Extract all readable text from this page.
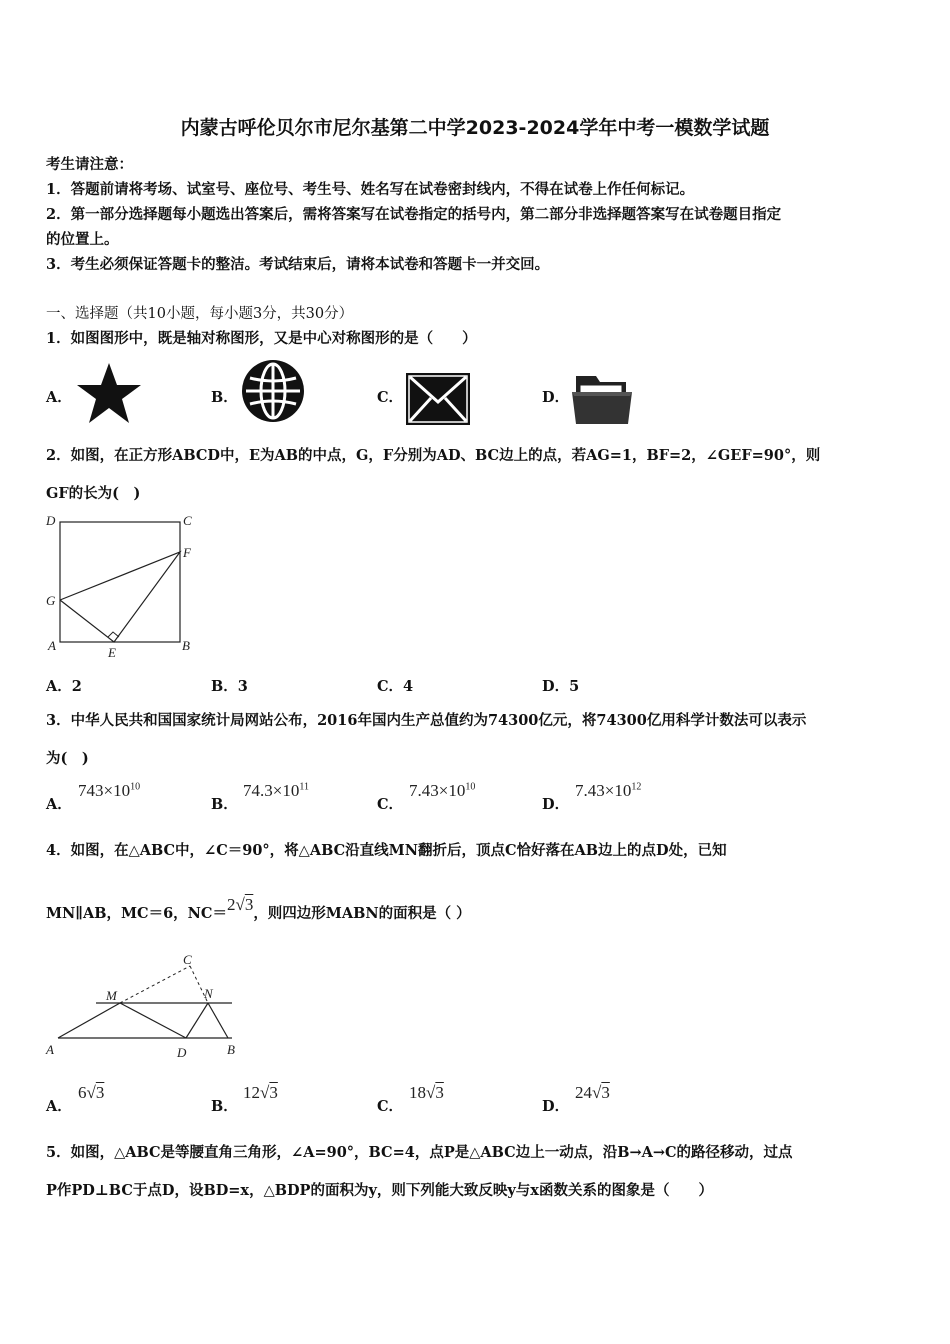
内蒙古呼伦贝尔市尼尔基第二中学2023-2024学年中考一模数学试题
考生请注意：
1．答题前请将考场、试室号、座位号、考生号、姓名写在试卷密封线内，不得在试卷上作任何标记。
2．第一部分选择题每小题选出答案后，需将答案写在试卷指定的括号内，第二部分非选择题答案写在试卷题目指定
的位置上。
3．考生必须保证答题卡的整洁。考试结束后，请将本试卷和答题卡一并交回。
一、选择题（共10小题，每小题3分，共30分）
1．如图图形中，既是轴对称图形，又是中心对称图形的是（　　）
A．	B．	C．	D．
2．如图，在正方形ABCD中，E为AB的中点，G，F分别为AD、BC边上的点，若AG=1，BF=2，∠GEF=90°，则
GF的长为(　)
D	C
F
G
A	E	B
A．2	B．3	C．4	D．5
3．中华人民共和国国家统计局网站公布，2016年国内生产总值约为74300亿元，将74300亿用科学计数法可以表示
为(　)
A．
$743\times 10^{10}$
B．
$74.3\times 10^{11}$
C．
$7.43\times 10^{10}$
D．
$7.43\times 10^{12}$
4．如图，在△ABC中，∠C＝90°，将△ABC沿直线MN翻折后，顶点C恰好落在AB边上的点D处，已知
MN∥AB，MC＝6，NC＝2√3，则四边形MABN的面积是（ ）
C
M	N
A	D	B
A．
6√3
B．
12√3
C．
18√3
D．
24√3
5．如图，△ABC是等腰直角三角形，∠A=90°，BC=4，点P是△ABC边上一动点，沿B→A→C的路径移动，过点
P作PD⊥BC于点D，设BD=x，△BDP的面积为y，则下列能大致反映y与x函数关系的图象是（　　）
